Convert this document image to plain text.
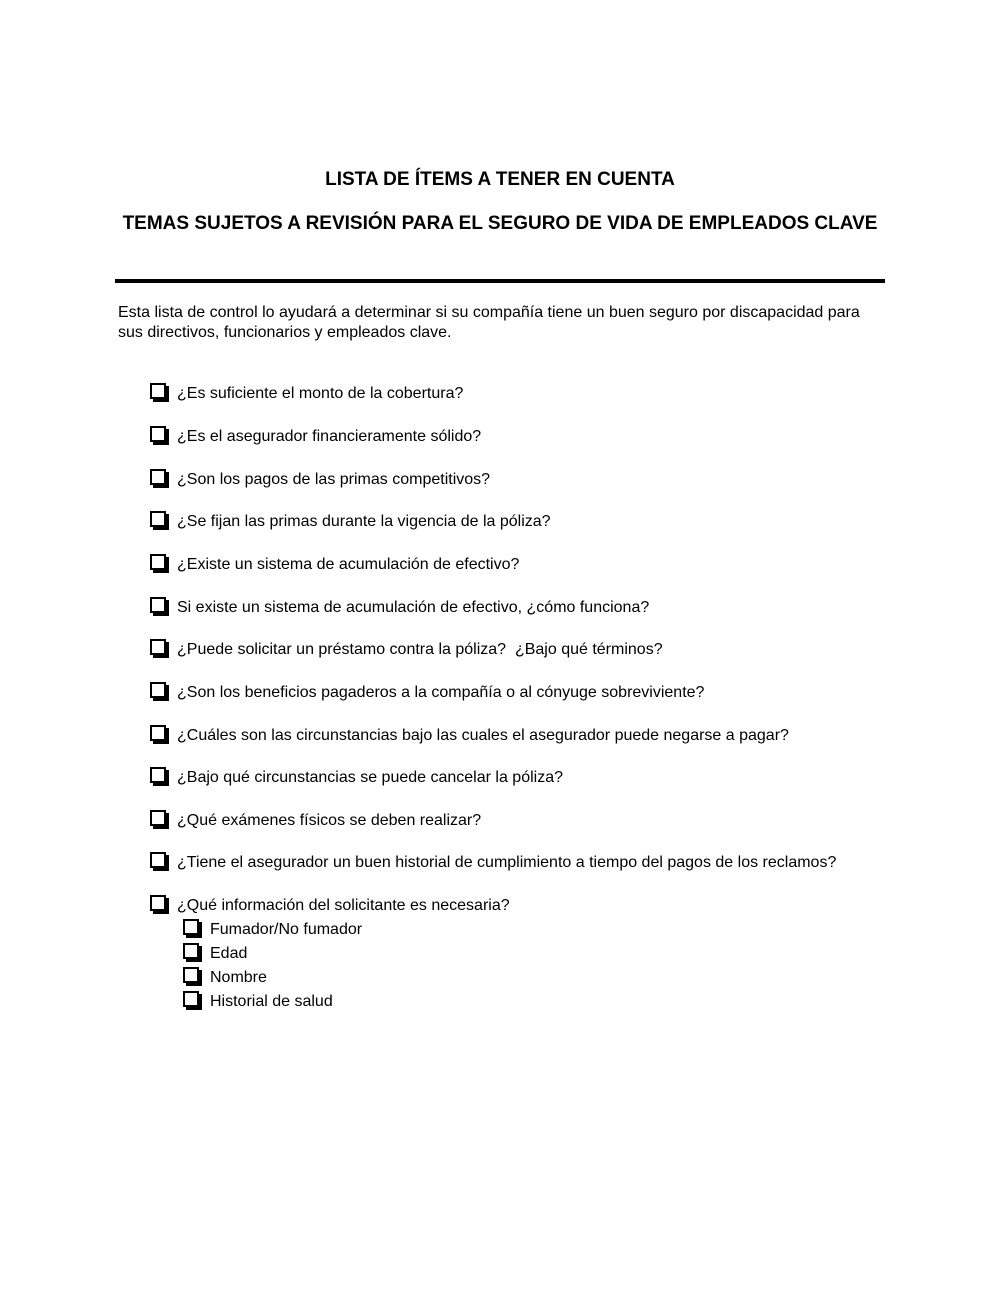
LISTA DE ÍTEMS A TENER EN CUENTA
TEMAS SUJETOS A REVISIÓN PARA EL SEGURO DE VIDA DE EMPLEADOS CLAVE
Esta lista de control lo ayudará a determinar si su compañía tiene un buen seguro por discapacidad para sus directivos, funcionarios y empleados clave.
¿Es suficiente el monto de la cobertura?
¿Es el asegurador financieramente sólido?
¿Son los pagos de las primas competitivos?
¿Se fijan las primas durante la vigencia de la póliza?
¿Existe un sistema de acumulación de efectivo?
Si existe un sistema de acumulación de efectivo, ¿cómo funciona?
¿Puede solicitar un préstamo contra la póliza?  ¿Bajo qué términos?
¿Son los beneficios pagaderos a la compañía o al cónyuge sobreviviente?
¿Cuáles son las circunstancias bajo las cuales el asegurador puede negarse a pagar?
¿Bajo qué circunstancias se puede cancelar la póliza?
¿Qué exámenes físicos se deben realizar?
¿Tiene el asegurador un buen historial de cumplimiento a tiempo del pagos de los reclamos?
¿Qué información del solicitante es necesaria?
Fumador/No fumador
Edad
Nombre
Historial de salud
